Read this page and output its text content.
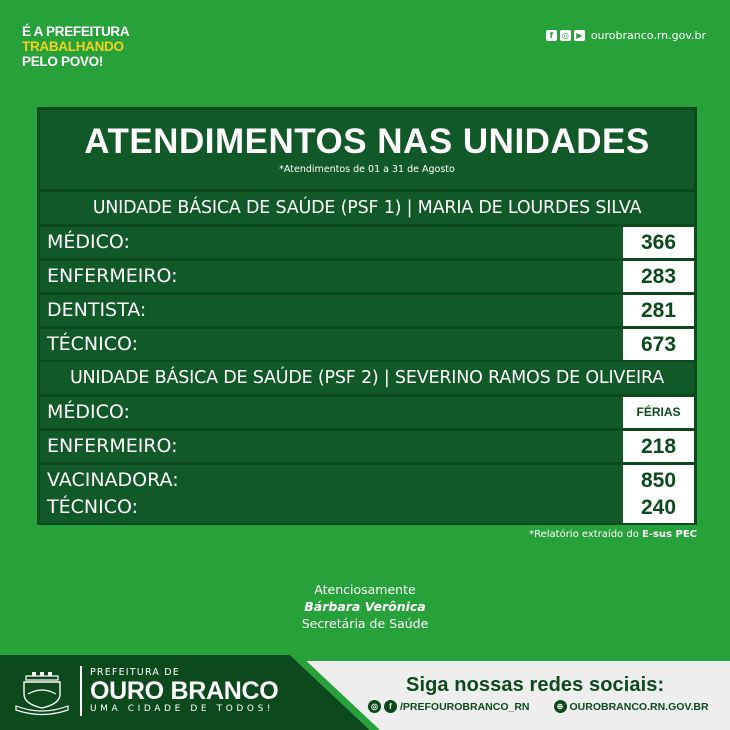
É A PREFEITURA
TRABALHANDO
PELO POVO!
f	◎ ▶ ourobranco.rn.gov.br
ATENDIMENTOS NAS UNIDADES
*Atendimentos de 01 a 31 de Agosto
UNIDADE BÁSICA DE SAÚDE (PSF 1) | MARIA DE LOURDES SILVA
MÉDICO:	366
ENFERMEIRO:	283
DENTISTA:	281
TÉCNICO:	673
UNIDADE BÁSICA DE SAÚDE (PSF 2) | SEVERINO RAMOS DE OLIVEIRA
MÉDICO:	FÉRIAS
ENFERMEIRO:	218
VACINADORA:	850
TÉCNICO:	240
*Relatório extraído do E-sus PEC
Atenciosamente
Bárbara Verônica
Secretária de Saúde
PREFEITURA DE
OURO BRANCO
UMA CIDADE DE TODOS!
Siga nossas redes sociais:
◎	f /PREFOUROBRANCO_RN	⊕ OUROBRANCO.RN.GOV.BR
